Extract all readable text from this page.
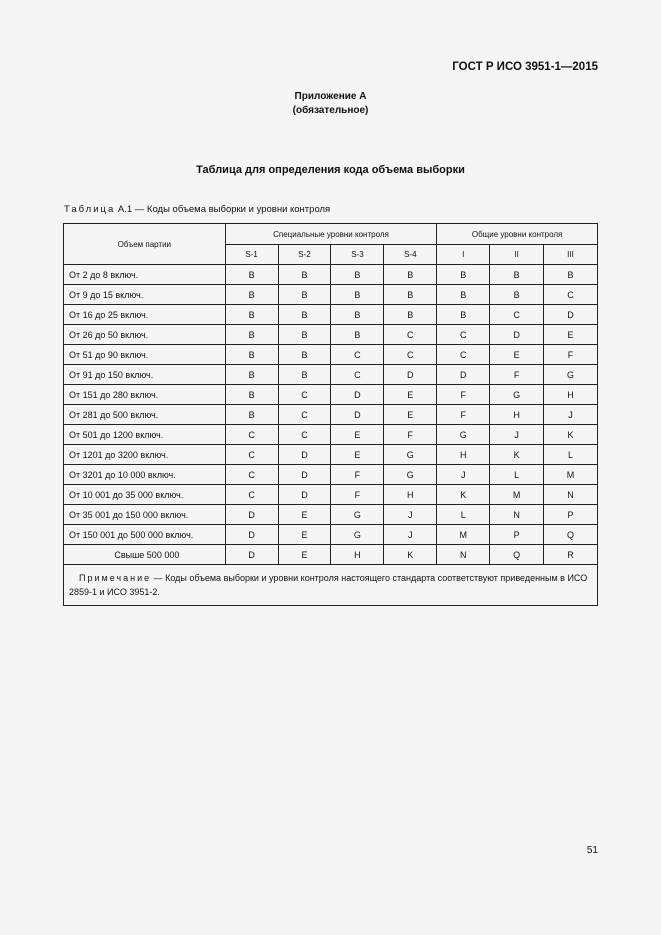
ГОСТ Р ИСО 3951-1—2015
Приложение А
(обязательное)
Таблица для определения кода объема выборки
Таблица А.1 — Коды объема выборки и уровни контроля
Объем партии	Специальные уровни контроля				Общие уровни контроля		
	S-1	S-2	S-3	S-4	I	II	III
От 2 до 8 включ.	B	B	B	B	B	B	B
От 9 до 15 включ.	B	B	B	B	B	B	C
От 16 до 25 включ.	B	B	B	B	B	C	D
От 26 до 50 включ.	B	B	B	C	C	D	E
От 51 до 90 включ.	B	B	C	C	C	E	F
От 91 до 150 включ.	B	B	C	D	D	F	G
От 151 до 280 включ.	B	C	D	E	F	G	H
От 281 до 500 включ.	B	C	D	E	F	H	J
От 501 до 1200 включ.	C	C	E	F	G	J	K
От 1201 до 3200 включ.	C	D	E	G	H	K	L
От 3201 до 10 000 включ.	C	D	F	G	J	L	M
От 10 001 до 35 000 включ.	C	D	F	H	K	M	N
От 35 001 до 150 000 включ.	D	E	G	J	L	N	P
От 150 001 до 500 000 включ.	D	E	G	J	M	P	Q
Свыше 500 000	D	E	H	K	N	Q	R
Примечание — Коды объема выборки и уровни контроля настоящего стандарта соответствуют приведенным в ИСО 2859-1 и ИСО 3951-2.							
51
